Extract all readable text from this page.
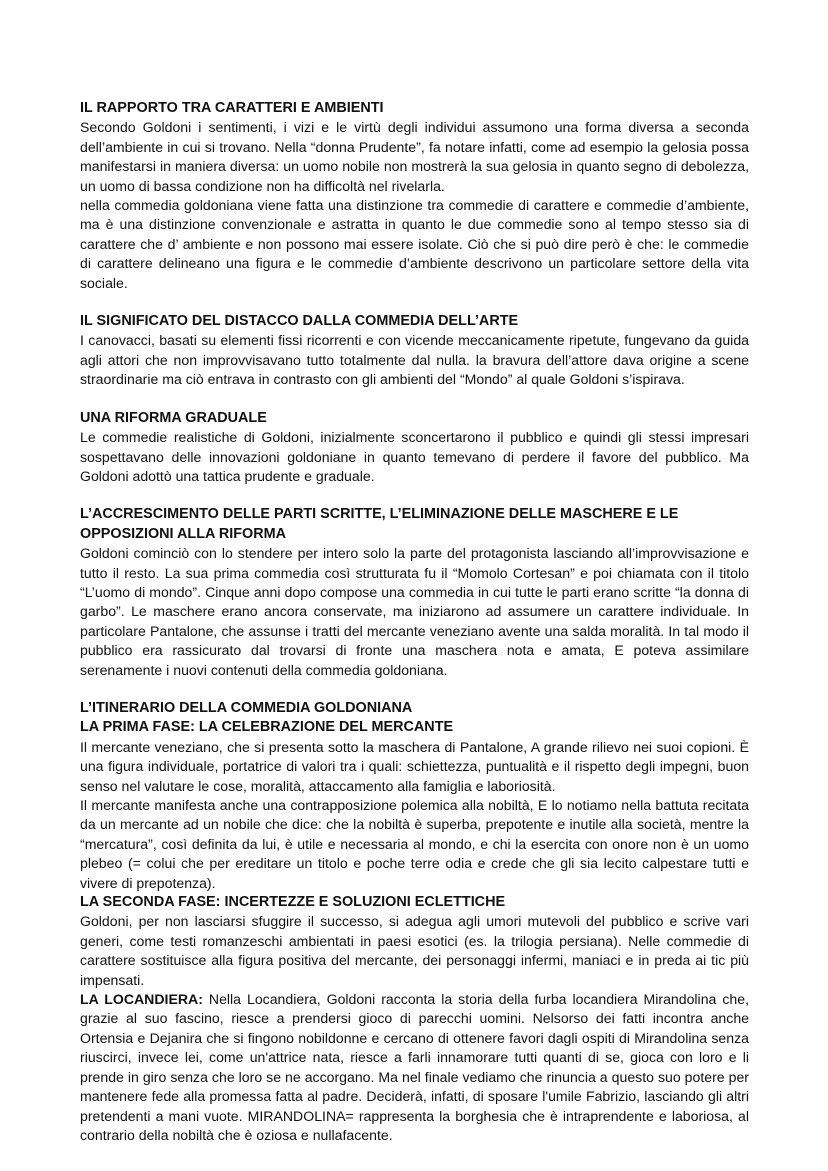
IL RAPPORTO TRA CARATTERI E AMBIENTI

Secondo Goldoni i sentimenti, i vizi e le virtù degli individui assumono una forma diversa a seconda dell’ambiente in cui si trovano. Nella “donna Prudente”, fa notare infatti, come ad esempio la gelosia possa manifestarsi in maniera diversa: un uomo nobile non mostrerà la sua gelosia in quanto segno di debolezza, un uomo di bassa condizione non ha difficoltà nel rivelarla.

nella commedia goldoniana viene fatta una distinzione tra commedie di carattere e commedie d’ambiente, ma è una distinzione convenzionale e astratta in quanto le due commedie sono al tempo stesso sia di carattere che d’ ambiente e non possono mai essere isolate. Ciò che si può dire però è che: le commedie di carattere delineano una figura e le commedie d’ambiente descrivono un particolare settore della vita sociale.

IL SIGNIFICATO DEL DISTACCO DALLA COMMEDIA DELL’ARTE

I canovacci, basati su elementi fissi ricorrenti e con vicende meccanicamente ripetute, fungevano da guida agli attori che non improvvisavano tutto totalmente dal nulla. la bravura dell’attore dava origine a scene straordinarie ma ciò entrava in contrasto con gli ambienti del “Mondo” al quale Goldoni s’ispirava.

UNA RIFORMA GRADUALE

Le commedie realistiche di Goldoni, inizialmente sconcertarono il pubblico e quindi gli stessi impresari sospettavano delle innovazioni goldoniane in quanto temevano di perdere il favore del pubblico. Ma Goldoni adottò una tattica prudente e graduale.

L’ACCRESCIMENTO DELLE PARTI SCRITTE, L’ELIMINAZIONE DELLE MASCHERE E LE OPPOSIZIONI ALLA RIFORMA

Goldoni cominciò con lo stendere per intero solo la parte del protagonista lasciando all’improvvisazione e tutto il resto. La sua prima commedia così strutturata fu il “Momolo Cortesan” e poi chiamata con il titolo “L’uomo di mondo”. Cinque anni dopo compose una commedia in cui tutte le parti erano scritte “la donna di garbo”. Le maschere erano ancora conservate, ma iniziarono ad assumere un carattere individuale. In particolare Pantalone, che assunse i tratti del mercante veneziano avente una salda moralità. In tal modo il pubblico era rassicurato dal trovarsi di fronte una maschera nota e amata, E poteva assimilare serenamente i nuovi contenuti della commedia goldoniana.

L’ITINERARIO DELLA COMMEDIA GOLDONIANA
LA PRIMA FASE: LA CELEBRAZIONE DEL MERCANTE

Il mercante veneziano, che si presenta sotto la maschera di Pantalone, A grande rilievo nei suoi copioni. È una figura individuale, portatrice di valori tra i quali: schiettezza, puntualità e il rispetto degli impegni, buon senso nel valutare le cose, moralità, attaccamento alla famiglia e laboriosità.

Il mercante manifesta anche una contrapposizione polemica alla nobiltà, E lo notiamo nella battuta recitata da un mercante ad un nobile che dice: che la nobiltà è superba, prepotente e inutile alla società, mentre la “mercatura”, così definita da lui, è utile e necessaria al mondo, e chi la esercita con onore non è un uomo plebeo (= colui che per ereditare un titolo e poche terre odia e crede che gli sia lecito calpestare tutti e vivere di prepotenza).

LA SECONDA FASE: INCERTEZZE E SOLUZIONI ECLETTICHE

Goldoni, per non lasciarsi sfuggire il successo, si adegua agli umori mutevoli del pubblico e scrive vari generi, come testi romanzeschi ambientati in paesi esotici (es. la trilogia persiana). Nelle commedie di carattere sostituisce alla figura positiva del mercante, dei personaggi infermi, maniaci e in preda ai tic più impensati.

LA LOCANDIERA: Nella Locandiera, Goldoni racconta la storia della furba locandiera Mirandolina che, grazie al suo fascino, riesce a prendersi gioco di parecchi uomini. Nelsorso dei fatti incontra anche Ortensia e Dejanira che si fingono nobildonne e cercano di ottenere favori dagli ospiti di Mirandolina senza riuscirci, invece lei, come un'attrice nata, riesce a farli innamorare tutti quanti di se, gioca con loro e li prende in giro senza che loro se ne accorgano. Ma nel finale vediamo che rinuncia a questo suo potere per mantenere fede alla promessa fatta al padre. Deciderà, infatti, di sposare l'umile Fabrizio, lasciando gli altri pretendenti a mani vuote. MIRANDOLINA= rappresenta la borghesia che è intraprendente e laboriosa, al contrario della nobiltà che è oziosa e nullafacente.
